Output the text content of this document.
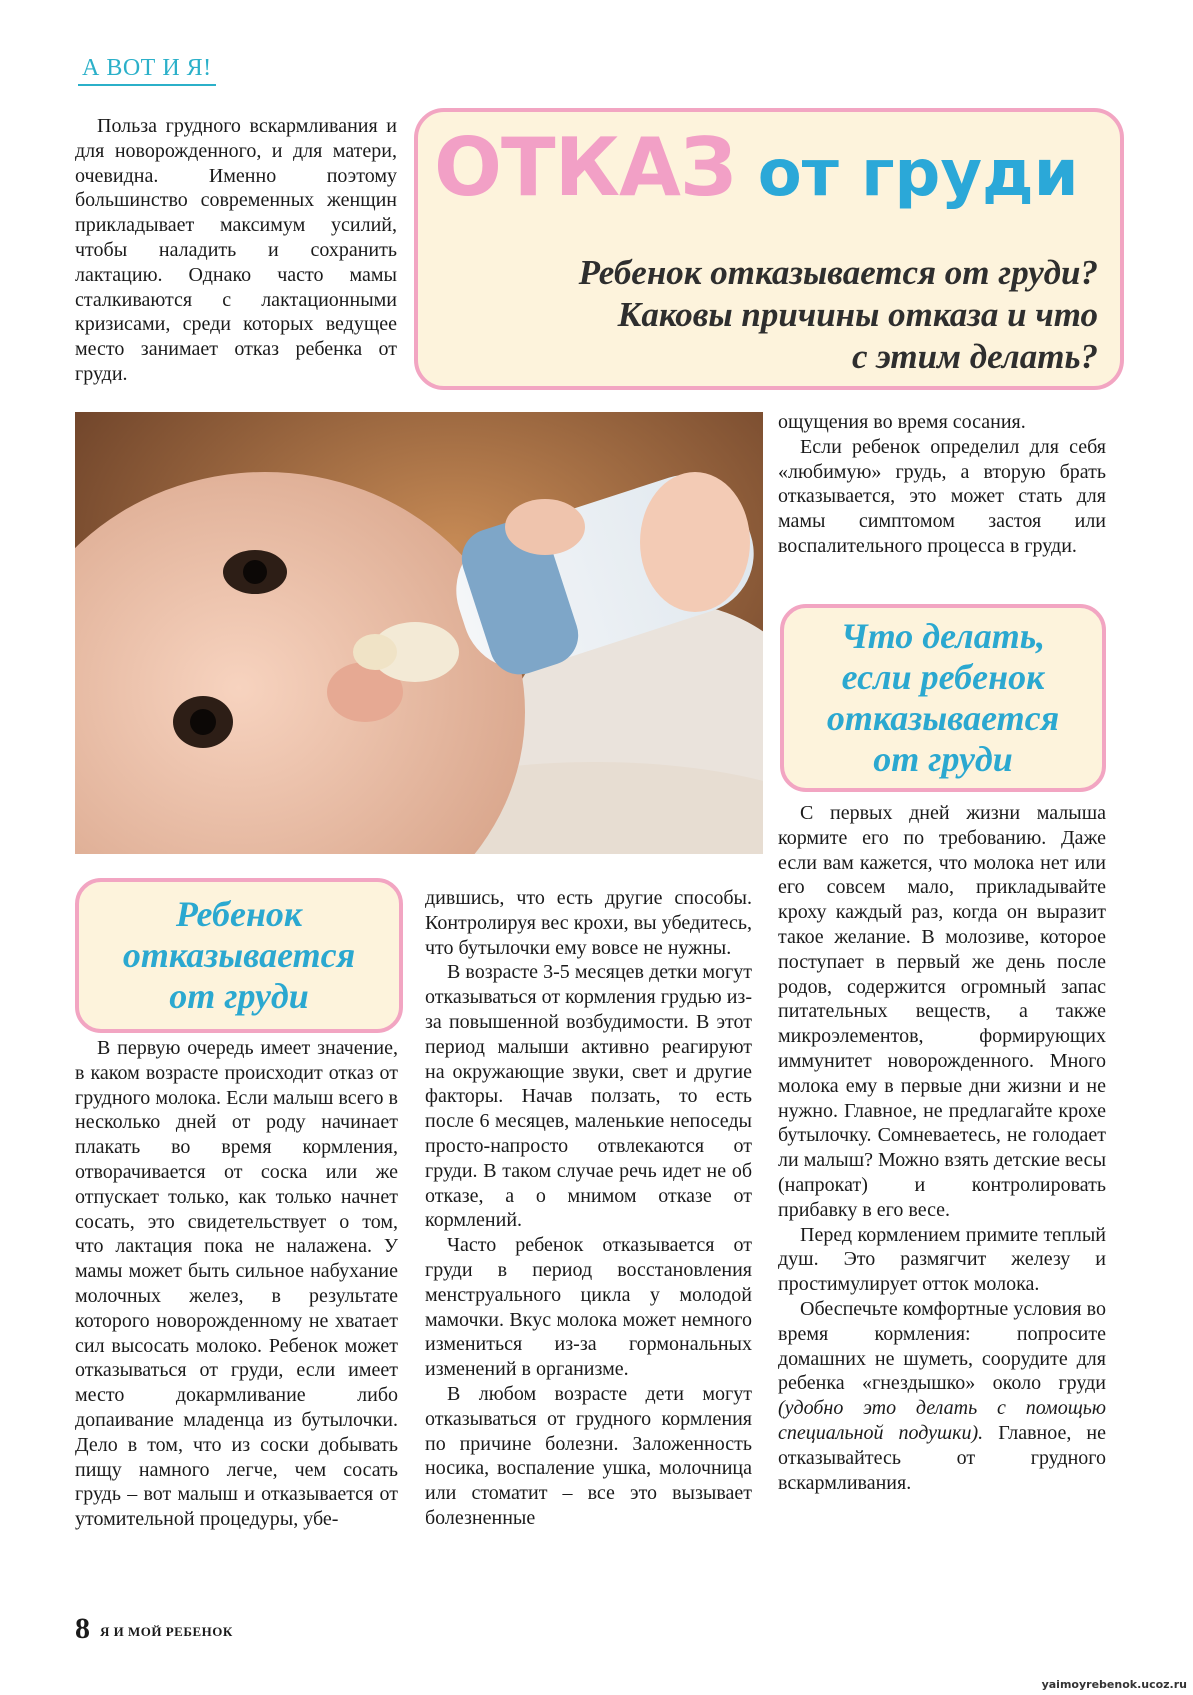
А ВОТ И Я!
ОТКАЗ от груди
Ребенок отказывается от груди?
Каковы причины отказа и что
с этим делать?

Польза грудного вскармливания и для новорожденного, и для матери, очевидна. Именно поэтому большинство современных женщин прикладывает максимум усилий, чтобы наладить и сохранить лактацию. Однако часто мамы сталкиваются с лактационными кризисами, среди которых ведущее место занимает отказ ребенка от груди.

Ребенок
отказывается
от груди

В первую очередь имеет значение, в каком возрасте происходит отказ от грудного молока. Если малыш всего в несколько дней от роду начинает плакать во время кормления, отворачивается от соска или же отпускает только, как только начнет сосать, это свидетельствует о том, что лактация пока не налажена. У мамы может быть сильное набухание молочных желез, в результате которого новорожденному не хватает сил высосать молоко. Ребенок может отказываться от груди, если имеет место докармливание либо допаивание младенца из бутылочки. Дело в том, что из соски добывать пищу намного легче, чем сосать грудь – вот малыш и отказывается от утомительной процедуры, убе-

дившись, что есть другие способы. Контролируя вес крохи, вы убедитесь, что бутылочки ему вовсе не нужны.

В возрасте 3-5 месяцев детки могут отказываться от кормления грудью из-за повышенной возбудимости. В этот период малыши активно реагируют на окружающие звуки, свет и другие факторы. Начав ползать, то есть после 6 месяцев, маленькие непоседы просто-напросто отвлекаются от груди. В таком случае речь идет не об отказе, а о мнимом отказе от кормлений.

Часто ребенок отказывается от груди в период восстановления менструального цикла у молодой мамочки. Вкус молока может немного измениться из-за гормональных изменений в организме.

В любом возрасте дети могут отказываться от грудного кормления по причине болезни. Заложенность носика, воспаление ушка, молочница или стоматит – все это вызывает болезненные

ощущения во время сосания.

Если ребенок определил для себя «любимую» грудь, а вторую брать отказывается, это может стать для мамы симптомом застоя или воспалительного процесса в груди.

Что делать,
если ребенок
отказывается
от груди

С первых дней жизни малыша кормите его по требованию. Даже если вам кажется, что молока нет или его совсем мало, прикладывайте кроху каждый раз, когда он выразит такое желание. В молозиве, которое поступает в первый же день после родов, содержится огромный запас питательных веществ, а также микроэлементов, формирующих иммунитет новорожденного. Много молока ему в первые дни жизни и не нужно. Главное, не предлагайте крохе бутылочку. Сомневаетесь, не голодает ли малыш? Можно взять детские весы (напрокат) и контролировать прибавку в его весе.

Перед кормлением примите теплый душ. Это размягчит железу и простимулирует отток молока.

Обеспечьте комфортные условия во время кормления: попросите домашних не шуметь, соорудите для ребенка «гнездышко» около груди (удобно это делать с помощью специальной подушки). Главное, не отказывайтесь от грудного вскармливания.

8 Я И МОЙ РЕБЕНОК
yaimoyrebenok.ucoz.ru
